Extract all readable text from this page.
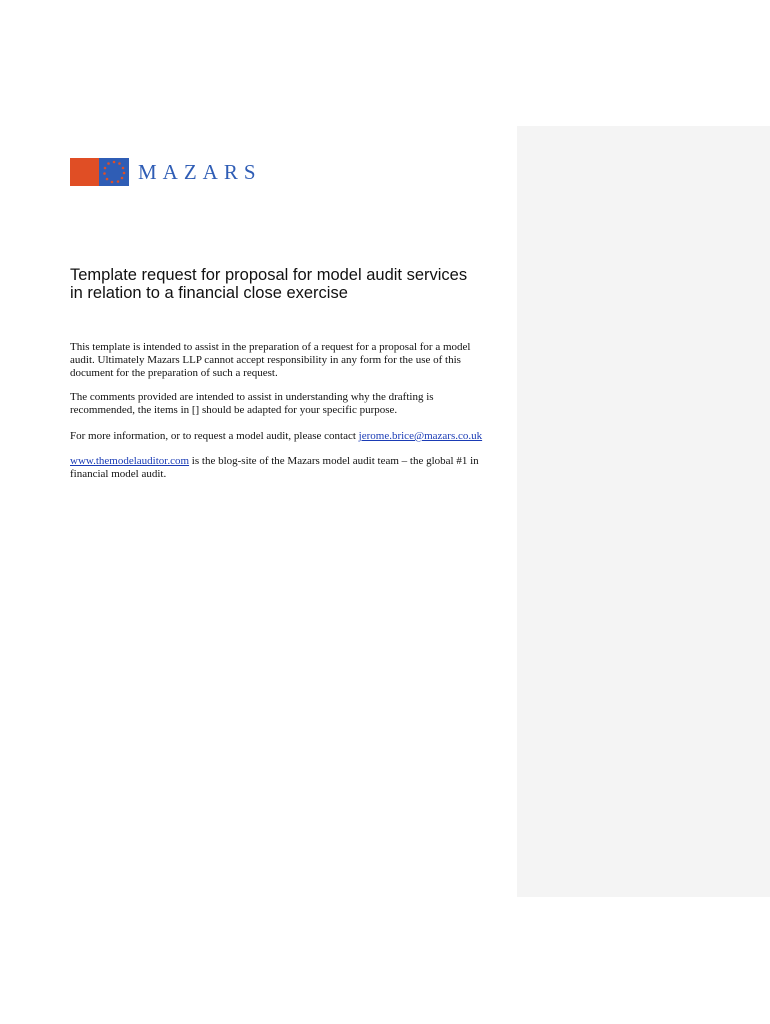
MAZARS
Template request for proposal for model audit services
in relation to a financial close exercise

This template is intended to assist in the preparation of a request for a proposal for a model
audit. Ultimately Mazars LLP cannot accept responsibility in any form for the use of this
document for the preparation of such a request.

The comments provided are intended to assist in understanding why the drafting is
recommended, the items in [] should be adapted for your specific purpose.

For more information, or to request a model audit, please contact jerome.brice@mazars.co.uk

www.themodelauditor.com is the blog-site of the Mazars model audit team – the global #1 in
financial model audit.
